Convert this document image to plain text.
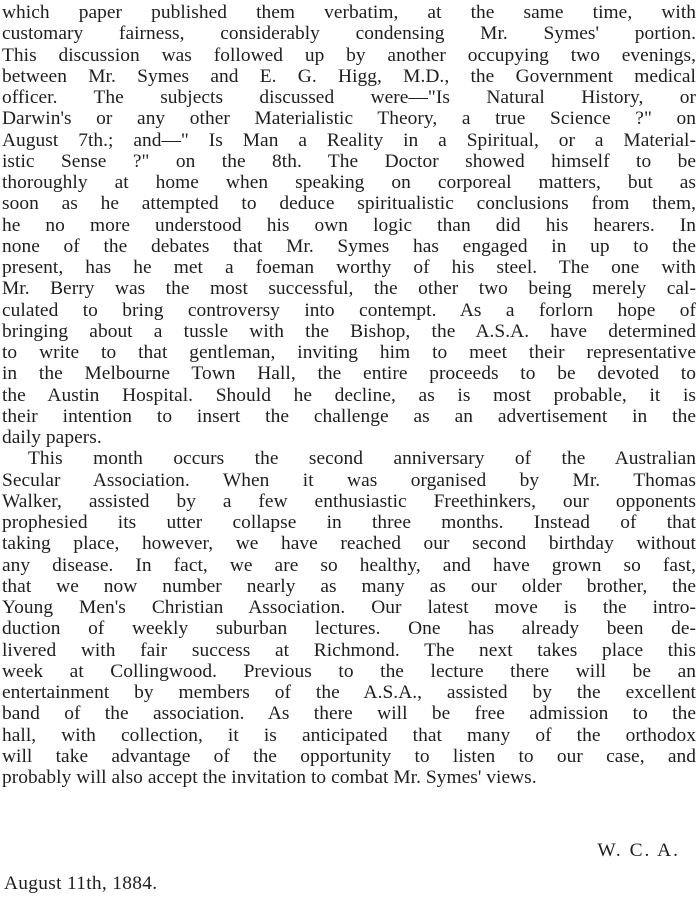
which paper published them verbatim, at the same time, with
customary fairness, considerably condensing Mr. Symes' portion.
This discussion was followed up by another occupying two evenings,
between Mr. Symes and E. G. Higg, M.D., the Government medical
officer. The subjects discussed were—"Is Natural History, or
Darwin's or any other Materialistic Theory, a true Science ?" on
August 7th.; and—" Is Man a Reality in a Spiritual, or a Material-
istic Sense ?" on the 8th. The Doctor showed himself to be
thoroughly at home when speaking on corporeal matters, but as
soon as he attempted to deduce spiritualistic conclusions from them,
he no more understood his own logic than did his hearers. In
none of the debates that Mr. Symes has engaged in up to the
present, has he met a foeman worthy of his steel. The one with
Mr. Berry was the most successful, the other two being merely cal-
culated to bring controversy into contempt. As a forlorn hope of
bringing about a tussle with the Bishop, the A.S.A. have determined
to write to that gentleman, inviting him to meet their representative
in the Melbourne Town Hall, the entire proceeds to be devoted to
the Austin Hospital. Should he decline, as is most probable, it is
their intention to insert the challenge as an advertisement in the
daily papers.
This month occurs the second anniversary of the Australian
Secular Association. When it was organised by Mr. Thomas
Walker, assisted by a few enthusiastic Freethinkers, our opponents
prophesied its utter collapse in three months. Instead of that
taking place, however, we have reached our second birthday without
any disease. In fact, we are so healthy, and have grown so fast,
that we now number nearly as many as our older brother, the
Young Men's Christian Association. Our latest move is the intro-
duction of weekly suburban lectures. One has already been de-
livered with fair success at Richmond. The next takes place this
week at Collingwood. Previous to the lecture there will be an
entertainment by members of the A.S.A., assisted by the excellent
band of the association. As there will be free admission to the
hall, with collection, it is anticipated that many of the orthodox
will take advantage of the opportunity to listen to our case, and
probably will also accept the invitation to combat Mr. Symes' views.
W. C. A.
August 11th, 1884.
